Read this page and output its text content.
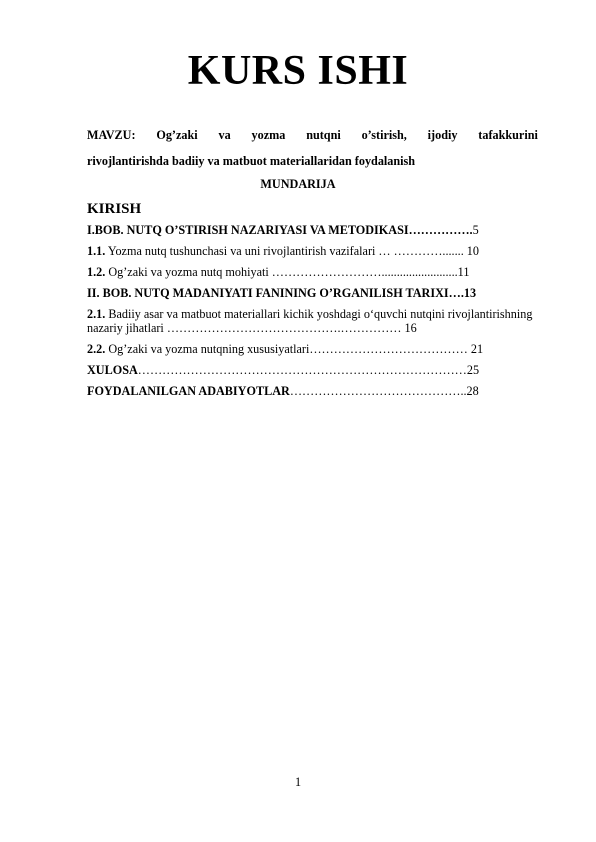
KURS ISHI
MAVZU: Og’zaki va yozma nutqni o’stirish, ijodiy tafakkurini
rivojlantirishda badiiy va matbuot materiallaridan foydalanish
MUNDARIJA
KIRISH
I.BOB. NUTQ O’STIRISH NAZARIYASI VA METODIKASI…………….5
1.1. Yozma nutq tushunchasi va uni rivojlantirish vazifalari … …………....... 10
1.2. Og’zaki va yozma nutq mohiyati ……………………….........................11
II. BOB. NUTQ MADANIYATI FANINING O’RGANILISH TARIXI….13
2.1. Badiiy asar va matbuot materiallari kichik yoshdagi oʻquvchi nutqini rivojlantirishning nazariy jihatlari …………………………………….…………… 16
2.2. Og’zaki va yozma nutqning xususiyatlari………………………………… 21
XULOSA………………………………………………………………………25
FOYDALANILGAN ADABIYOTLAR……………………………………..28
1
